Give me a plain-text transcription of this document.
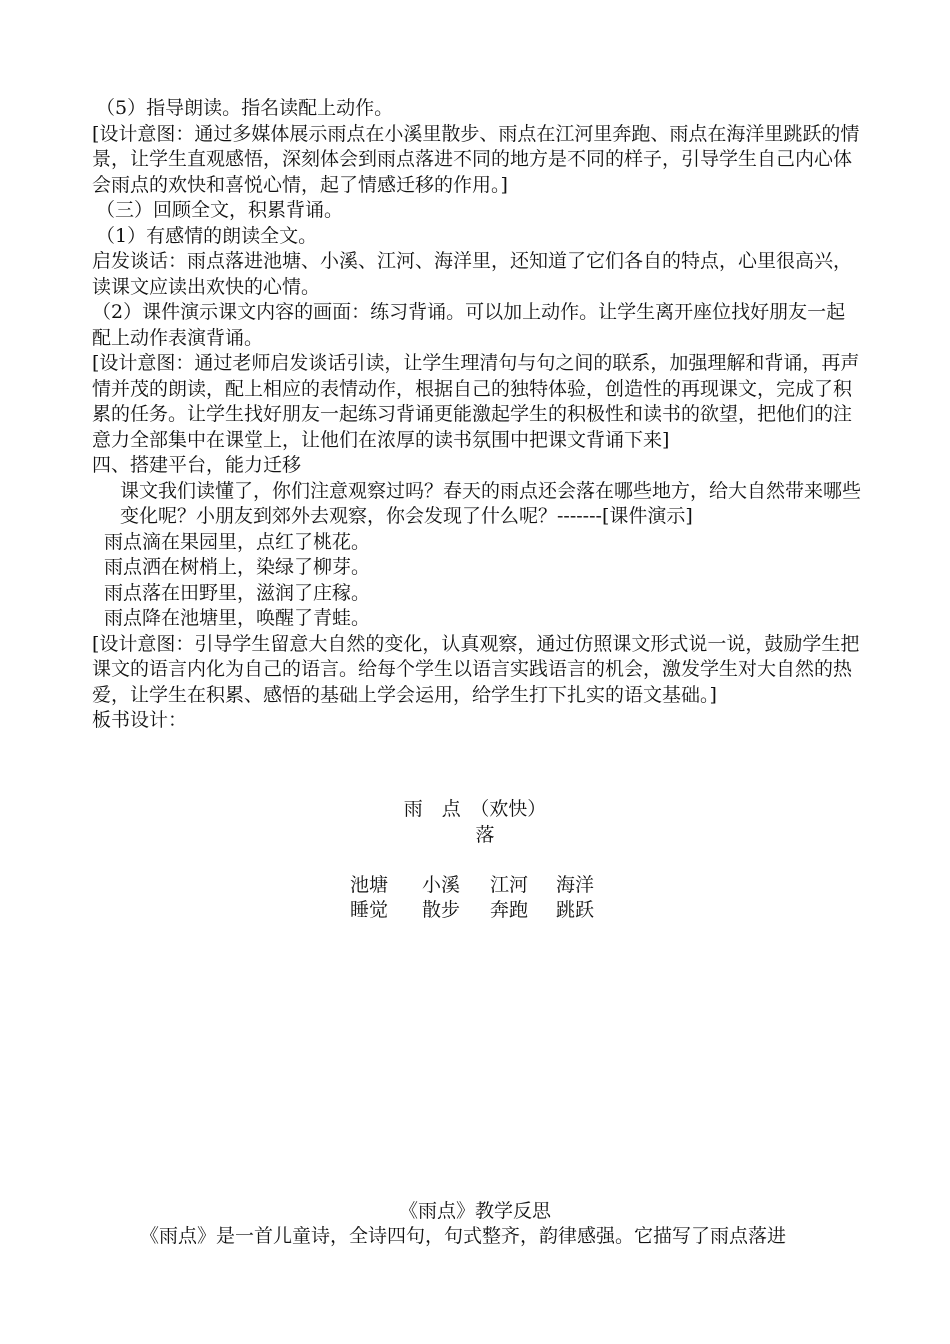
（5）指导朗读。指名读配上动作。

[设计意图：通过多媒体展示雨点在小溪里散步、雨点在江河里奔跑、雨点在海洋里跳跃的情景，让学生直观感悟，深刻体会到雨点落进不同的地方是不同的样子，引导学生自己内心体会雨点的欢快和喜悦心情，起了情感迁移的作用。]

（三）回顾全文，积累背诵。

（1）有感情的朗读全文。

启发谈话：雨点落进池塘、小溪、江河、海洋里，还知道了它们各自的特点，心里很高兴，读课文应读出欢快的心情。

（2）课件演示课文内容的画面：练习背诵。可以加上动作。让学生离开座位找好朋友一起配上动作表演背诵。

[设计意图：通过老师启发谈话引读，让学生理清句与句之间的联系，加强理解和背诵，再声情并茂的朗读，配上相应的表情动作，根据自己的独特体验，创造性的再现课文，完成了积累的任务。让学生找好朋友一起练习背诵更能激起学生的积极性和读书的欲望，把他们的注意力全部集中在课堂上，让他们在浓厚的读书氛围中把课文背诵下来]

四、搭建平台，能力迁移

课文我们读懂了，你们注意观察过吗？春天的雨点还会落在哪些地方，给大自然带来哪些变化呢？小朋友到郊外去观察，你会发现了什么呢？-------[课件演示]

雨点滴在果园里，点红了桃花。

雨点洒在树梢上，染绿了柳芽。

雨点落在田野里，滋润了庄稼。

雨点降在池塘里，唤醒了青蛙。

[设计意图：引导学生留意大自然的变化，认真观察，通过仿照课文形式说一说，鼓励学生把课文的语言内化为自己的语言。给每个学生以语言实践语言的机会，激发学生对大自然的热爱，让学生在积累、感悟的基础上学会运用，给学生打下扎实的语文基础。]

板书设计：

雨　点　（欢快）
落
池塘	小溪	江河	海洋
睡觉	散步	奔跑	跳跃
《雨点》教学反思
《雨点》是一首儿童诗，全诗四句，句式整齐，韵律感强。它描写了雨点落进
